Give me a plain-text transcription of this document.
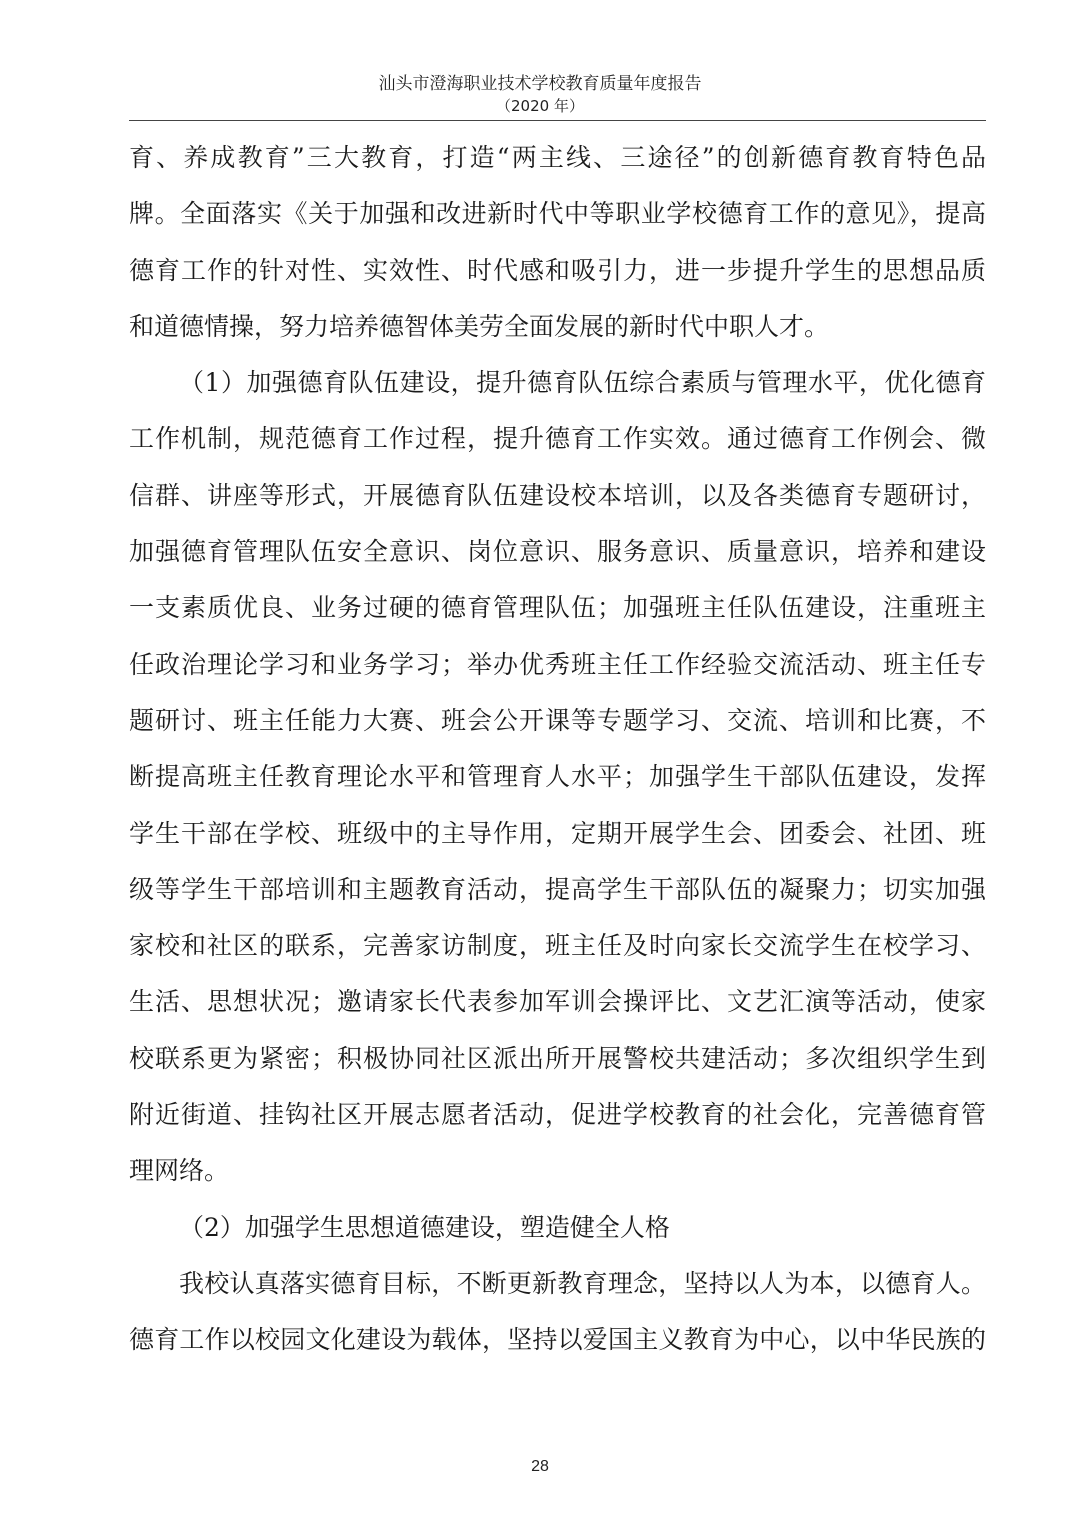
汕头市澄海职业技术学校教育质量年度报告
（2020 年）
育、养成教育”三大教育，打造“两主线、三途径”的创新德育教育特色品
牌。全面落实《关于加强和改进新时代中等职业学校德育工作的意见》，提高
德育工作的针对性、实效性、时代感和吸引力，进一步提升学生的思想品质
和道德情操，努力培养德智体美劳全面发展的新时代中职人才。
（1）加强德育队伍建设，提升德育队伍综合素质与管理水平，优化德育
工作机制，规范德育工作过程，提升德育工作实效。通过德育工作例会、微
信群、讲座等形式，开展德育队伍建设校本培训，以及各类德育专题研讨，
加强德育管理队伍安全意识、岗位意识、服务意识、质量意识，培养和建设
一支素质优良、业务过硬的德育管理队伍；加强班主任队伍建设，注重班主
任政治理论学习和业务学习；举办优秀班主任工作经验交流活动、班主任专
题研讨、班主任能力大赛、班会公开课等专题学习、交流、培训和比赛，不
断提高班主任教育理论水平和管理育人水平；加强学生干部队伍建设，发挥
学生干部在学校、班级中的主导作用，定期开展学生会、团委会、社团、班
级等学生干部培训和主题教育活动，提高学生干部队伍的凝聚力；切实加强
家校和社区的联系，完善家访制度，班主任及时向家长交流学生在校学习、
生活、思想状况；邀请家长代表参加军训会操评比、文艺汇演等活动，使家
校联系更为紧密；积极协同社区派出所开展警校共建活动；多次组织学生到
附近街道、挂钩社区开展志愿者活动，促进学校教育的社会化，完善德育管
理网络。
（2）加强学生思想道德建设，塑造健全人格
我校认真落实德育目标，不断更新教育理念，坚持以人为本，以德育人。
德育工作以校园文化建设为载体，坚持以爱国主义教育为中心，以中华民族的
28
